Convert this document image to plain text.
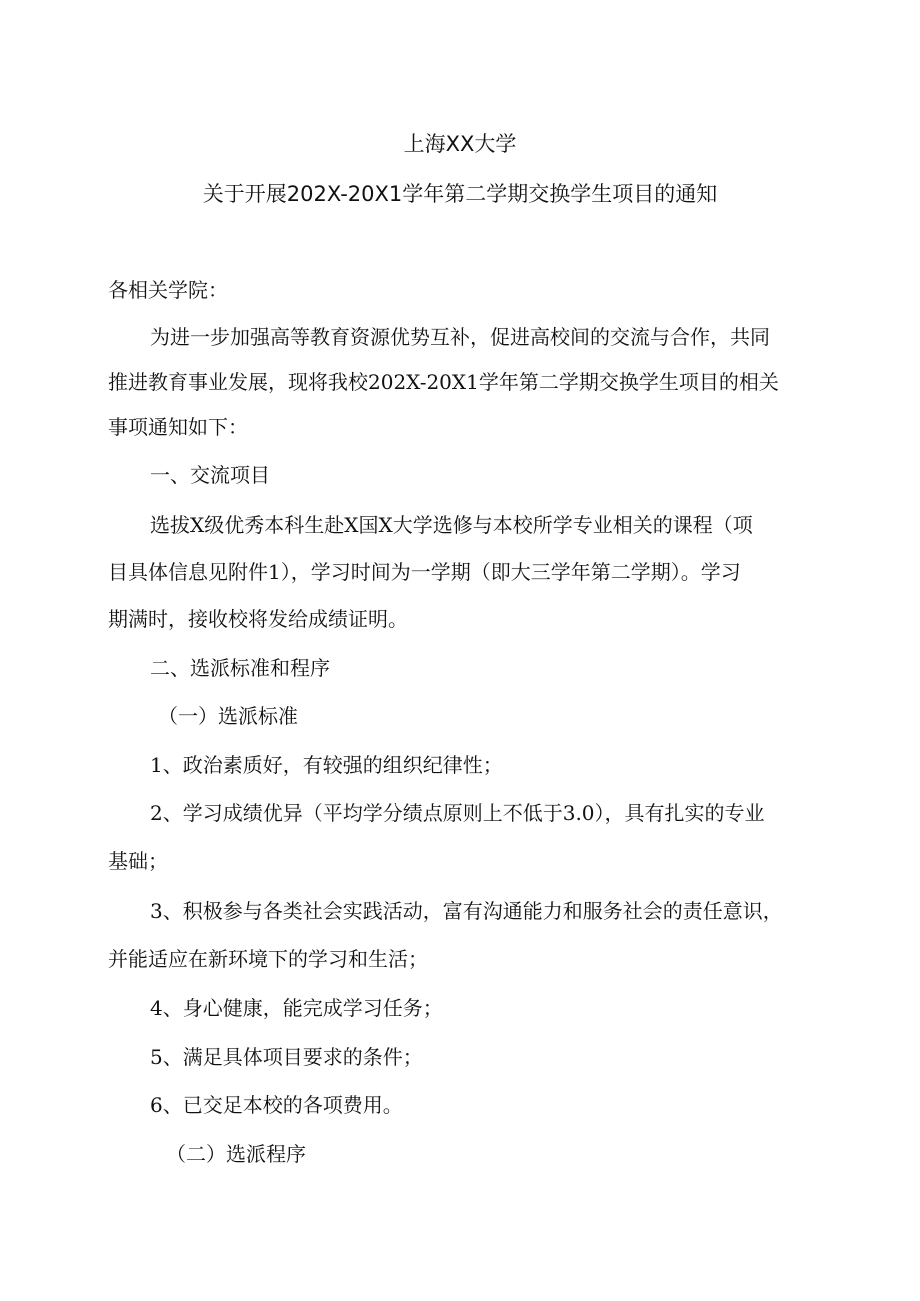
上海XX大学
关于开展202X-20X1学年第二学期交换学生项目的通知
各相关学院：
为进一步加强高等教育资源优势互补，促进高校间的交流与合作，共同
推进教育事业发展，现将我校202X-20X1学年第二学期交换学生项目的相关
事项通知如下：
一、交流项目
选拔X级优秀本科生赴X国X大学选修与本校所学专业相关的课程（项
目具体信息见附件1），学习时间为一学期（即大三学年第二学期）。学习
期满时，接收校将发给成绩证明。
二、选派标准和程序
（一）选派标准
1、政治素质好，有较强的组织纪律性；
2、学习成绩优异（平均学分绩点原则上不低于3.0），具有扎实的专业
基础；
3、积极参与各类社会实践活动，富有沟通能力和服务社会的责任意识，
并能适应在新环境下的学习和生活；
4、身心健康，能完成学习任务；
5、满足具体项目要求的条件；
6、已交足本校的各项费用。
（二）选派程序
